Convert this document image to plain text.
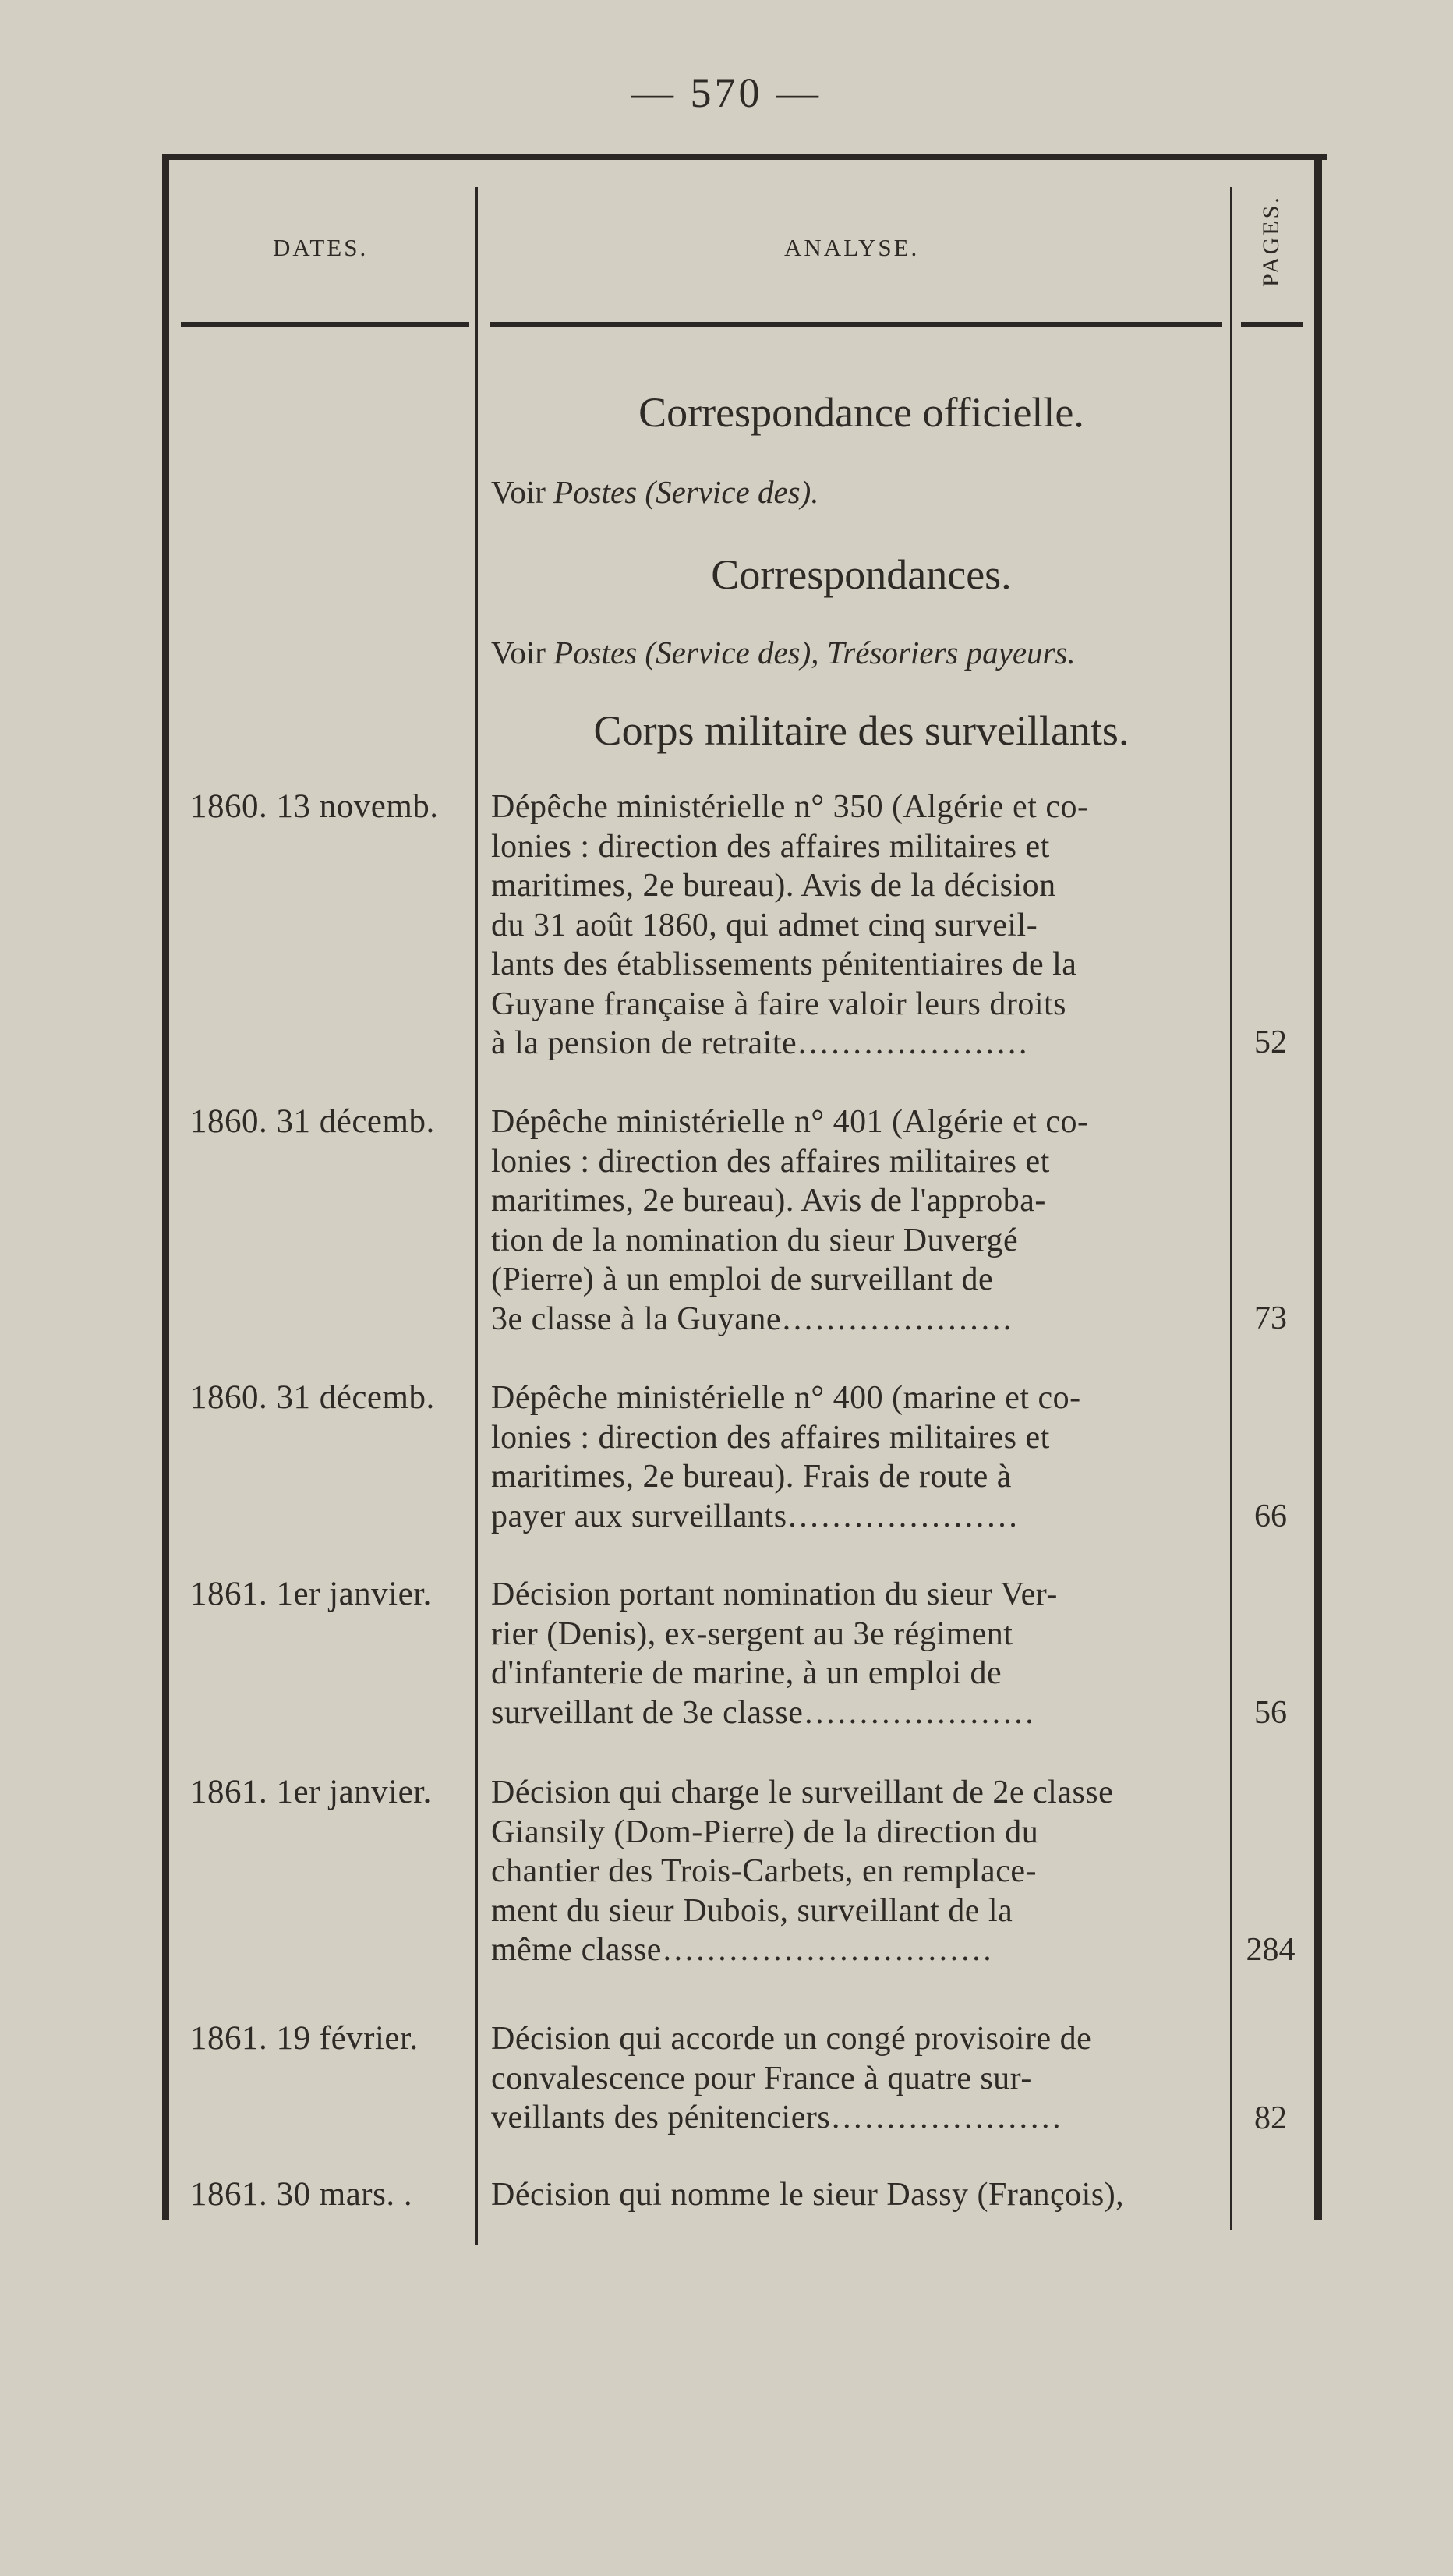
— 570 —
DATES.	ANALYSE.	PAGES.
Correspondance officielle.
Voir Postes (Service des).
Correspondances.
Voir Postes (Service des), Trésoriers payeurs.
Corps militaire des surveillants.
1860. 13 novemb.	Dépêche ministérielle n° 350 (Algérie et co-
lonies : direction des affaires militaires et
maritimes, 2e bureau). Avis de la décision
du 31 août 1860, qui admet cinq surveil-
lants des établissements pénitentiaires de la
Guyane française à faire valoir leurs droits
à la pension de retraite…………………	52
1860. 31 décemb.	Dépêche ministérielle n° 401 (Algérie et co-
lonies : direction des affaires militaires et
maritimes, 2e bureau). Avis de l'approba-
tion de la nomination du sieur Duvergé
(Pierre) à un emploi de surveillant de
3e classe à la Guyane…………………	73
1860. 31 décemb.	Dépêche ministérielle n° 400 (marine et co-
lonies : direction des affaires militaires et
maritimes, 2e bureau). Frais de route à
payer aux surveillants…………………	66
1861. 1er janvier.	Décision portant nomination du sieur Ver-
rier (Denis), ex-sergent au 3e régiment
d'infanterie de marine, à un emploi de
surveillant de 3e classe…………………	56
1861. 1er janvier.	Décision qui charge le surveillant de 2e classe
Giansily (Dom-Pierre) de la direction du
chantier des Trois-Carbets, en remplace-
ment du sieur Dubois, surveillant de la
même classe…………………………	284
1861. 19 février.	Décision qui accorde un congé provisoire de
convalescence pour France à quatre sur-
veillants des pénitenciers…………………	82
1861. 30 mars. .	Décision qui nomme le sieur Dassy (François),
